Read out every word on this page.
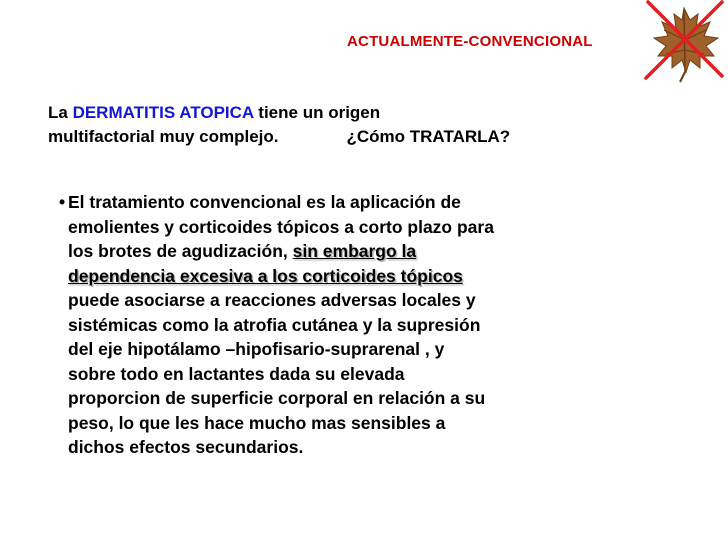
ACTUALMENTE-CONVENCIONAL
La DERMATITIS ATOPICA tiene un origen
multifactorial muy complejo.	¿Cómo TRATARLA?
• El tratamiento convencional es la aplicación de
emolientes y corticoides tópicos a corto plazo para
los brotes de agudización, sin embargo la
dependencia excesiva a los corticoides tópicos
puede asociarse a reacciones adversas locales y
sistémicas como la atrofia cutánea y la supresión
del eje hipotálamo –hipofisario-suprarenal , y
sobre todo en lactantes dada su elevada
proporcion de superficie corporal en relación a su
peso, lo que les hace mucho mas sensibles a
dichos efectos secundarios.
